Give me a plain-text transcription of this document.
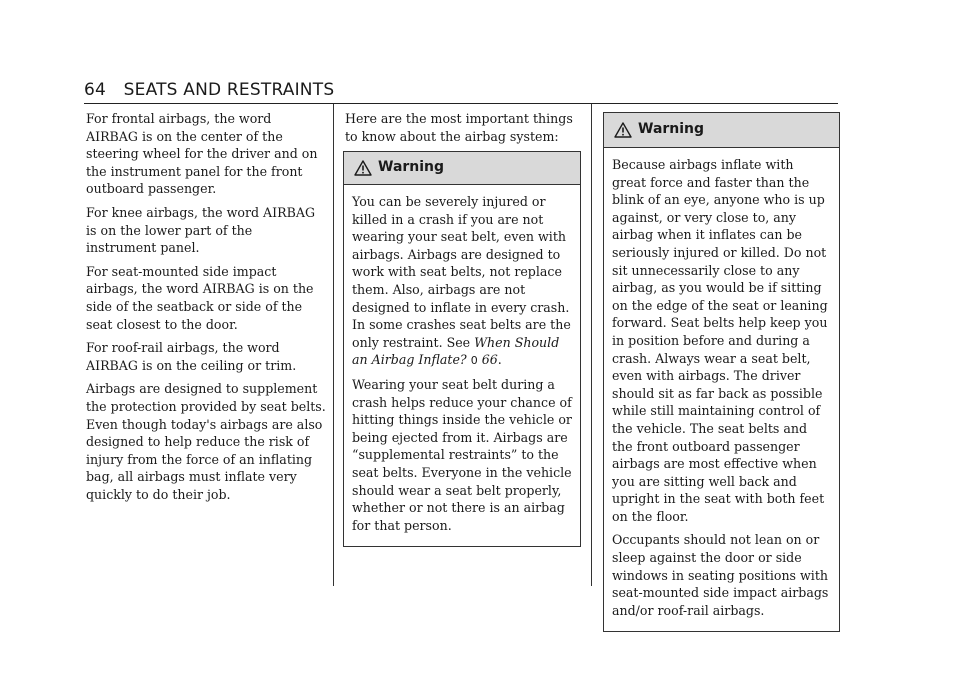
64 SEATS AND RESTRAINTS

For frontal airbags, the word AIRBAG is on the center of the steering wheel for the driver and on the instrument panel for the front outboard passenger.

For knee airbags, the word AIRBAG is on the lower part of the instrument panel.

For seat-mounted side impact airbags, the word AIRBAG is on the side of the seatback or side of the seat closest to the door.

For roof-rail airbags, the word AIRBAG is on the ceiling or trim.

Airbags are designed to supplement the protection provided by seat belts. Even though today's airbags are also designed to help reduce the risk of injury from the force of an inflating bag, all airbags must inflate very quickly to do their job.

Here are the most important things to know about the airbag system:

Warning

You can be severely injured or killed in a crash if you are not wearing your seat belt, even with airbags. Airbags are designed to work with seat belts, not replace them. Also, airbags are not designed to inflate in every crash. In some crashes seat belts are the only restraint. See When Should an Airbag Inflate? 0 66.

Wearing your seat belt during a crash helps reduce your chance of hitting things inside the vehicle or being ejected from it. Airbags are “supplemental restraints” to the seat belts. Everyone in the vehicle should wear a seat belt properly, whether or not there is an airbag for that person.

Warning

Because airbags inflate with great force and faster than the blink of an eye, anyone who is up against, or very close to, any airbag when it inflates can be seriously injured or killed. Do not sit unnecessarily close to any airbag, as you would be if sitting on the edge of the seat or leaning forward. Seat belts help keep you in position before and during a crash. Always wear a seat belt, even with airbags. The driver should sit as far back as possible while still maintaining control of the vehicle. The seat belts and the front outboard passenger airbags are most effective when you are sitting well back and upright in the seat with both feet on the floor.

Occupants should not lean on or sleep against the door or side windows in seating positions with seat-mounted side impact airbags and/or roof-rail airbags.
